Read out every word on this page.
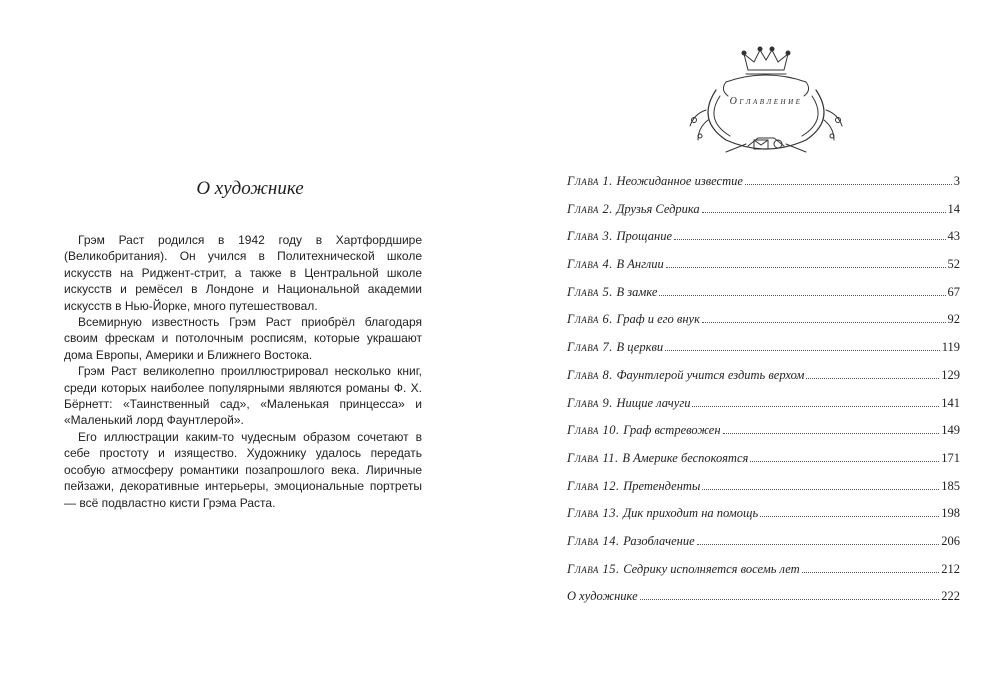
О художнике

Грэм Раст родился в 1942 году в Хартфордшире (Великобритания). Он учился в Политехнической школе искусств на Риджент-стрит, а также в Центральной школе искусств и ремёсел в Лондоне и Национальной академии искусств в Нью-Йорке, много путешествовал.

Всемирную известность Грэм Раст приобрёл благодаря своим фрескам и потолочным росписям, которые украшают дома Европы, Америки и Ближнего Востока.

Грэм Раст великолепно проиллюстрировал несколько книг, среди которых наиболее популярными являются романы Ф. Х. Бёрнетт: «Таинственный сад», «Маленькая принцесса» и «Маленький лорд Фаунтлерой».

Его иллюстрации каким-то чудесным образом сочетают в себе простоту и изящество. Художнику удалось передать особую атмосферу романтики позапрошлого века. Лиричные пейзажи, декоративные интерьеры, эмоциональные портреты — всё подвластно кисти Грэма Раста.

Оглавление
Глава 1. Неожиданное известие	3
Глава 2. Друзья Седрика	14
Глава 3. Прощание	43
Глава 4. В Англии	52
Глава 5. В замке	67
Глава 6. Граф и его внук	92
Глава 7. В церкви	119
Глава 8. Фаунтлерой учится ездить верхом	129
Глава 9. Нищие лачуги	141
Глава 10. Граф встревожен	149
Глава 11. В Америке беспокоятся	171
Глава 12. Претенденты	185
Глава 13. Дик приходит на помощь	198
Глава 14. Разоблачение	206
Глава 15. Седрику исполняется восемь лет	212
О художнике	222
